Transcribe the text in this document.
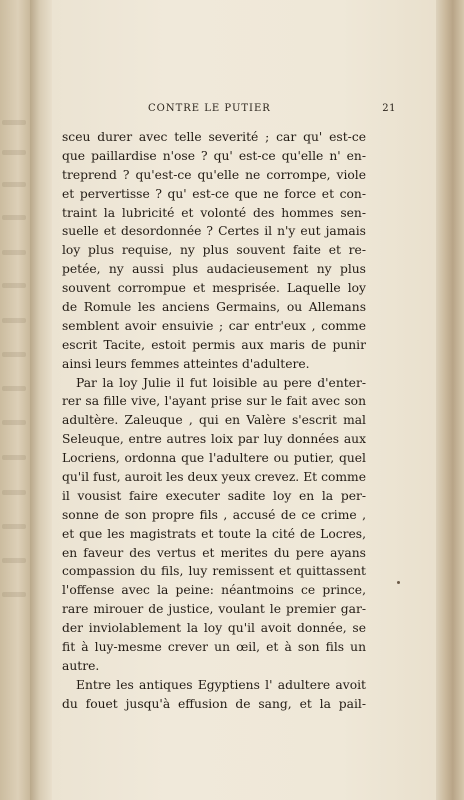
CONTRE LE PUTIER	21
sceu durer avec telle severité ; car qu' est-ce
que paillardise n'ose ? qu' est-ce qu'elle n' en-
treprend ? qu'est-ce qu'elle ne corrompe, viole
et pervertisse ? qu' est-ce que ne force et con-
traint la lubricité et volonté des hommes sen-
suelle et desordonnée ? Certes il n'y eut jamais
loy plus requise, ny plus souvent faite et re-
petée, ny aussi plus audacieusement ny plus
souvent corrompue et mesprisée. Laquelle loy
de Romule les anciens Germains, ou Allemans
semblent avoir ensuivie ; car entr'eux , comme
escrit Tacite, estoit permis aux maris de punir
ainsi leurs femmes atteintes d'adultere.
Par la loy Julie il fut loisible au pere d'enter-
rer sa fille vive, l'ayant prise sur le fait avec son
adultère. Zaleuque , qui en Valère s'escrit mal
Seleuque, entre autres loix par luy données aux
Locriens, ordonna que l'adultere ou putier, quel
qu'il fust, auroit les deux yeux crevez. Et comme
il vousist faire executer sadite loy en la per-
sonne de son propre fils , accusé de ce crime ,
et que les magistrats et toute la cité de Locres,
en faveur des vertus et merites du pere ayans
compassion du fils, luy remissent et quittassent
l'offense avec la peine: néantmoins ce prince,
rare mirouer de justice, voulant le premier gar-
der inviolablement la loy qu'il avoit donnée, se
fit à luy-mesme crever un œil, et à son fils un
autre.
Entre les antiques Egyptiens l' adultere avoit
du fouet jusqu'à effusion de sang, et la pail-
